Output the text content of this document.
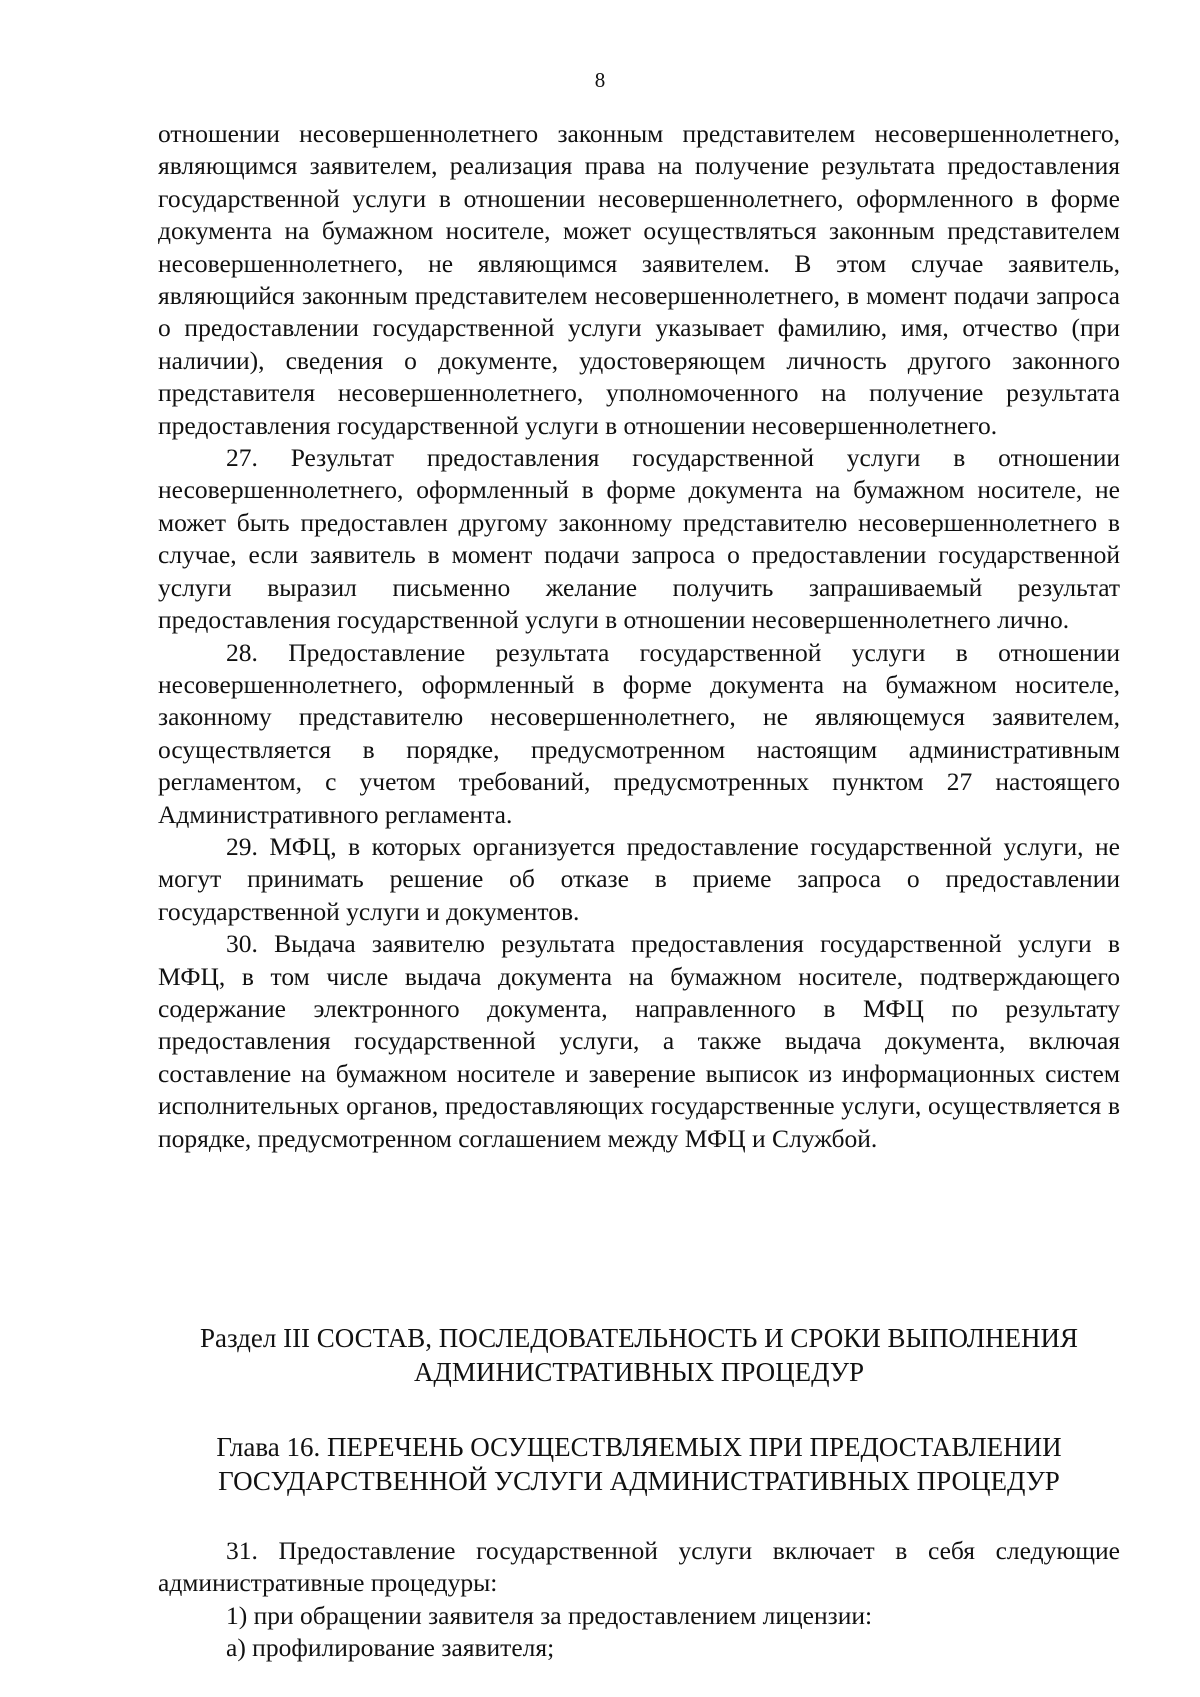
8

отношении несовершеннолетнего законным представителем несовершеннолетнего, являющимся заявителем, реализация права на получение результата предоставления государственной услуги в отношении несовершеннолетнего, оформленного в форме документа на бумажном носителе, может осуществляться законным представителем несовершеннолетнего, не являющимся заявителем. В этом случае заявитель, являющийся законным представителем несовершеннолетнего, в момент подачи запроса о предоставлении государственной услуги указывает фамилию, имя, отчество (при наличии), сведения о документе, удостоверяющем личность другого законного представителя несовершеннолетнего, уполномоченного на получение результата предоставления государственной услуги в отношении несовершеннолетнего.

27. Результат предоставления государственной услуги в отношении несовершеннолетнего, оформленный в форме документа на бумажном носителе, не может быть предоставлен другому законному представителю несовершеннолетнего в случае, если заявитель в момент подачи запроса о предоставлении государственной услуги выразил письменно желание получить запрашиваемый результат предоставления государственной услуги в отношении несовершеннолетнего лично.

28. Предоставление результата государственной услуги в отношении несовершеннолетнего, оформленный в форме документа на бумажном носителе, законному представителю несовершеннолетнего, не являющемуся заявителем, осуществляется в порядке, предусмотренном настоящим административным регламентом, с учетом требований, предусмотренных пунктом 27 настоящего Административного регламента.

29. МФЦ, в которых организуется предоставление государственной услуги, не могут принимать решение об отказе в приеме запроса о предоставлении государственной услуги и документов.

30. Выдача заявителю результата предоставления государственной услуги в МФЦ, в том числе выдача документа на бумажном носителе, подтверждающего содержание электронного документа, направленного в МФЦ по результату предоставления государственной услуги, а также выдача документа, включая составление на бумажном носителе и заверение выписок из информационных систем исполнительных органов, предоставляющих государственные услуги, осуществляется в порядке, предусмотренном соглашением между МФЦ и Службой.

Раздел III СОСТАВ, ПОСЛЕДОВАТЕЛЬНОСТЬ И СРОКИ ВЫПОЛНЕНИЯ
АДМИНИСТРАТИВНЫХ ПРОЦЕДУР
Глава 16. ПЕРЕЧЕНЬ ОСУЩЕСТВЛЯЕМЫХ ПРИ ПРЕДОСТАВЛЕНИИ
ГОСУДАРСТВЕННОЙ УСЛУГИ АДМИНИСТРАТИВНЫХ ПРОЦЕДУР

31. Предоставление государственной услуги включает в себя следующие административные процедуры:

1) при обращении заявителя за предоставлением лицензии:

а) профилирование заявителя;
